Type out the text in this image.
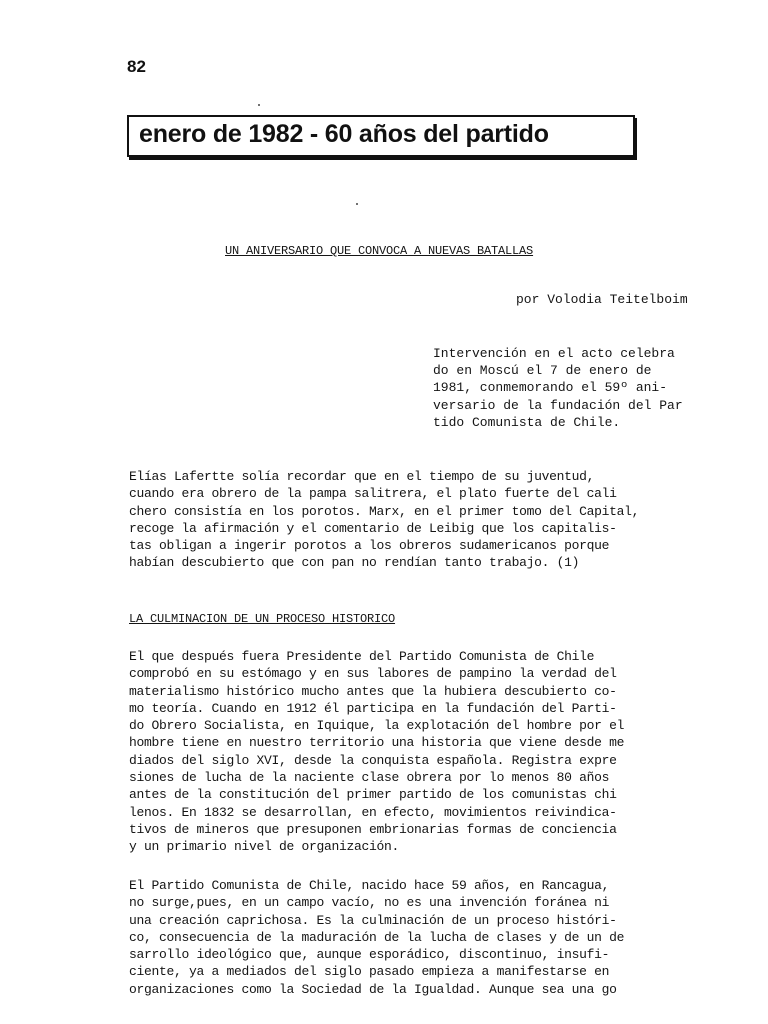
82
enero de 1982 - 60 años del partido
UN ANIVERSARIO QUE CONVOCA A NUEVAS BATALLAS
por Volodia Teitelboim
Intervención en el acto celebra
do en Moscú el 7 de enero de
1981, conmemorando el 59º ani-
versario de la fundación del Par
tido Comunista de Chile.
Elías Lafertte solía recordar que en el tiempo de su juventud,
cuando era obrero de la pampa salitrera, el plato fuerte del cali
chero consistía en los porotos. Marx, en el primer tomo del Capital,
recoge la afirmación y el comentario de Leibig que los capitalis-
tas obligan a ingerir porotos a los obreros sudamericanos porque
habían descubierto que con pan no rendían tanto trabajo. (1)
LA CULMINACION DE UN PROCESO HISTORICO
El que después fuera Presidente del Partido Comunista de Chile
comprobó en su estómago y en sus labores de pampino la verdad del
materialismo histórico mucho antes que la hubiera descubierto co-
mo teoría. Cuando en 1912 él participa en la fundación del Parti-
do Obrero Socialista, en Iquique, la explotación del hombre por el
hombre tiene en nuestro territorio una historia que viene desde me
diados del siglo XVI, desde la conquista española. Registra expre
siones de lucha de la naciente clase obrera por lo menos 80 años
antes de la constitución del primer partido de los comunistas chi
lenos. En 1832 se desarrollan, en efecto, movimientos reivindica-
tivos de mineros que presuponen embrionarias formas de conciencia
y un primario nivel de organización.
El Partido Comunista de Chile, nacido hace 59 años, en Rancagua,
no surge,pues, en un campo vacío, no es una invención foránea ni
una creación caprichosa. Es la culminación de un proceso históri-
co, consecuencia de la maduración de la lucha de clases y de un de
sarrollo ideológico que, aunque esporádico, discontinuo, insufi-
ciente, ya a mediados del siglo pasado empieza a manifestarse en
organizaciones como la Sociedad de la Igualdad. Aunque sea una go
